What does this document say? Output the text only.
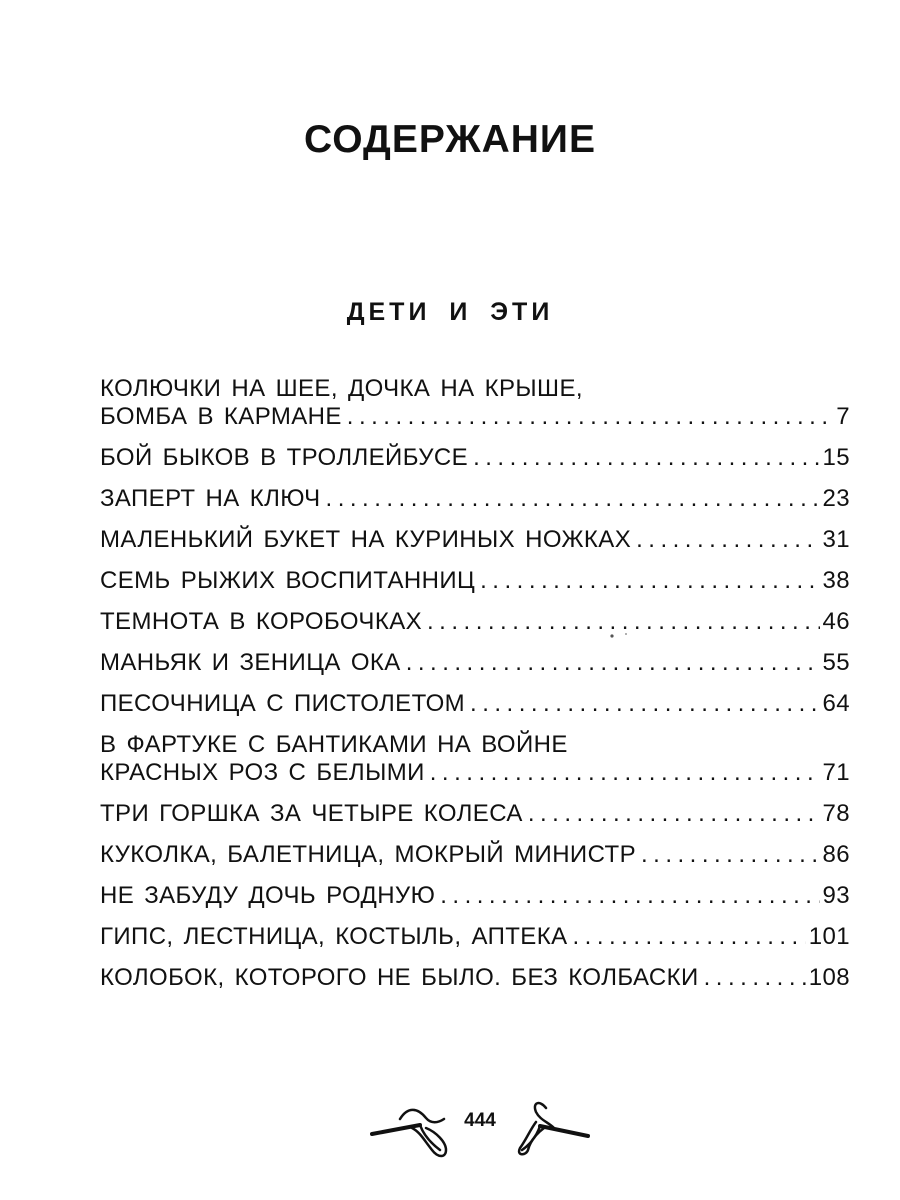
СОДЕРЖАНИЕ
ДЕТИ И ЭТИ
КОЛЮЧКИ НА ШЕЕ, ДОЧКА НА КРЫШЕ,
БОМБА В КАРМАНЕ .....	7
БОЙ БЫКОВ В ТРОЛЛЕЙБУСЕ .....	15
ЗАПЕРТ НА КЛЮЧ .....	23
МАЛЕНЬКИЙ БУКЕТ НА КУРИНЫХ НОЖКАХ .....	31
СЕМЬ РЫЖИХ ВОСПИТАННИЦ .....	38
ТЕМНОТА В КОРОБОЧКАХ .....	46
МАНЬЯК И ЗЕНИЦА ОКА .....	55
ПЕСОЧНИЦА С ПИСТОЛЕТОМ .....	64
В ФАРТУКЕ С БАНТИКАМИ НА ВОЙНЕ
КРАСНЫХ РОЗ С БЕЛЫМИ .....	71
ТРИ ГОРШКА ЗА ЧЕТЫРЕ КОЛЕСА .....	78
КУКОЛКА, БАЛЕТНИЦА, МОКРЫЙ МИНИСТР .....	86
НЕ ЗАБУДУ ДОЧЬ РОДНУЮ .....	93
ГИПС, ЛЕСТНИЦА, КОСТЫЛЬ, АПТЕКА .....	101
КОЛОБОК, КОТОРОГО НЕ БЫЛО. БЕЗ КОЛБАСКИ .....	108
444
